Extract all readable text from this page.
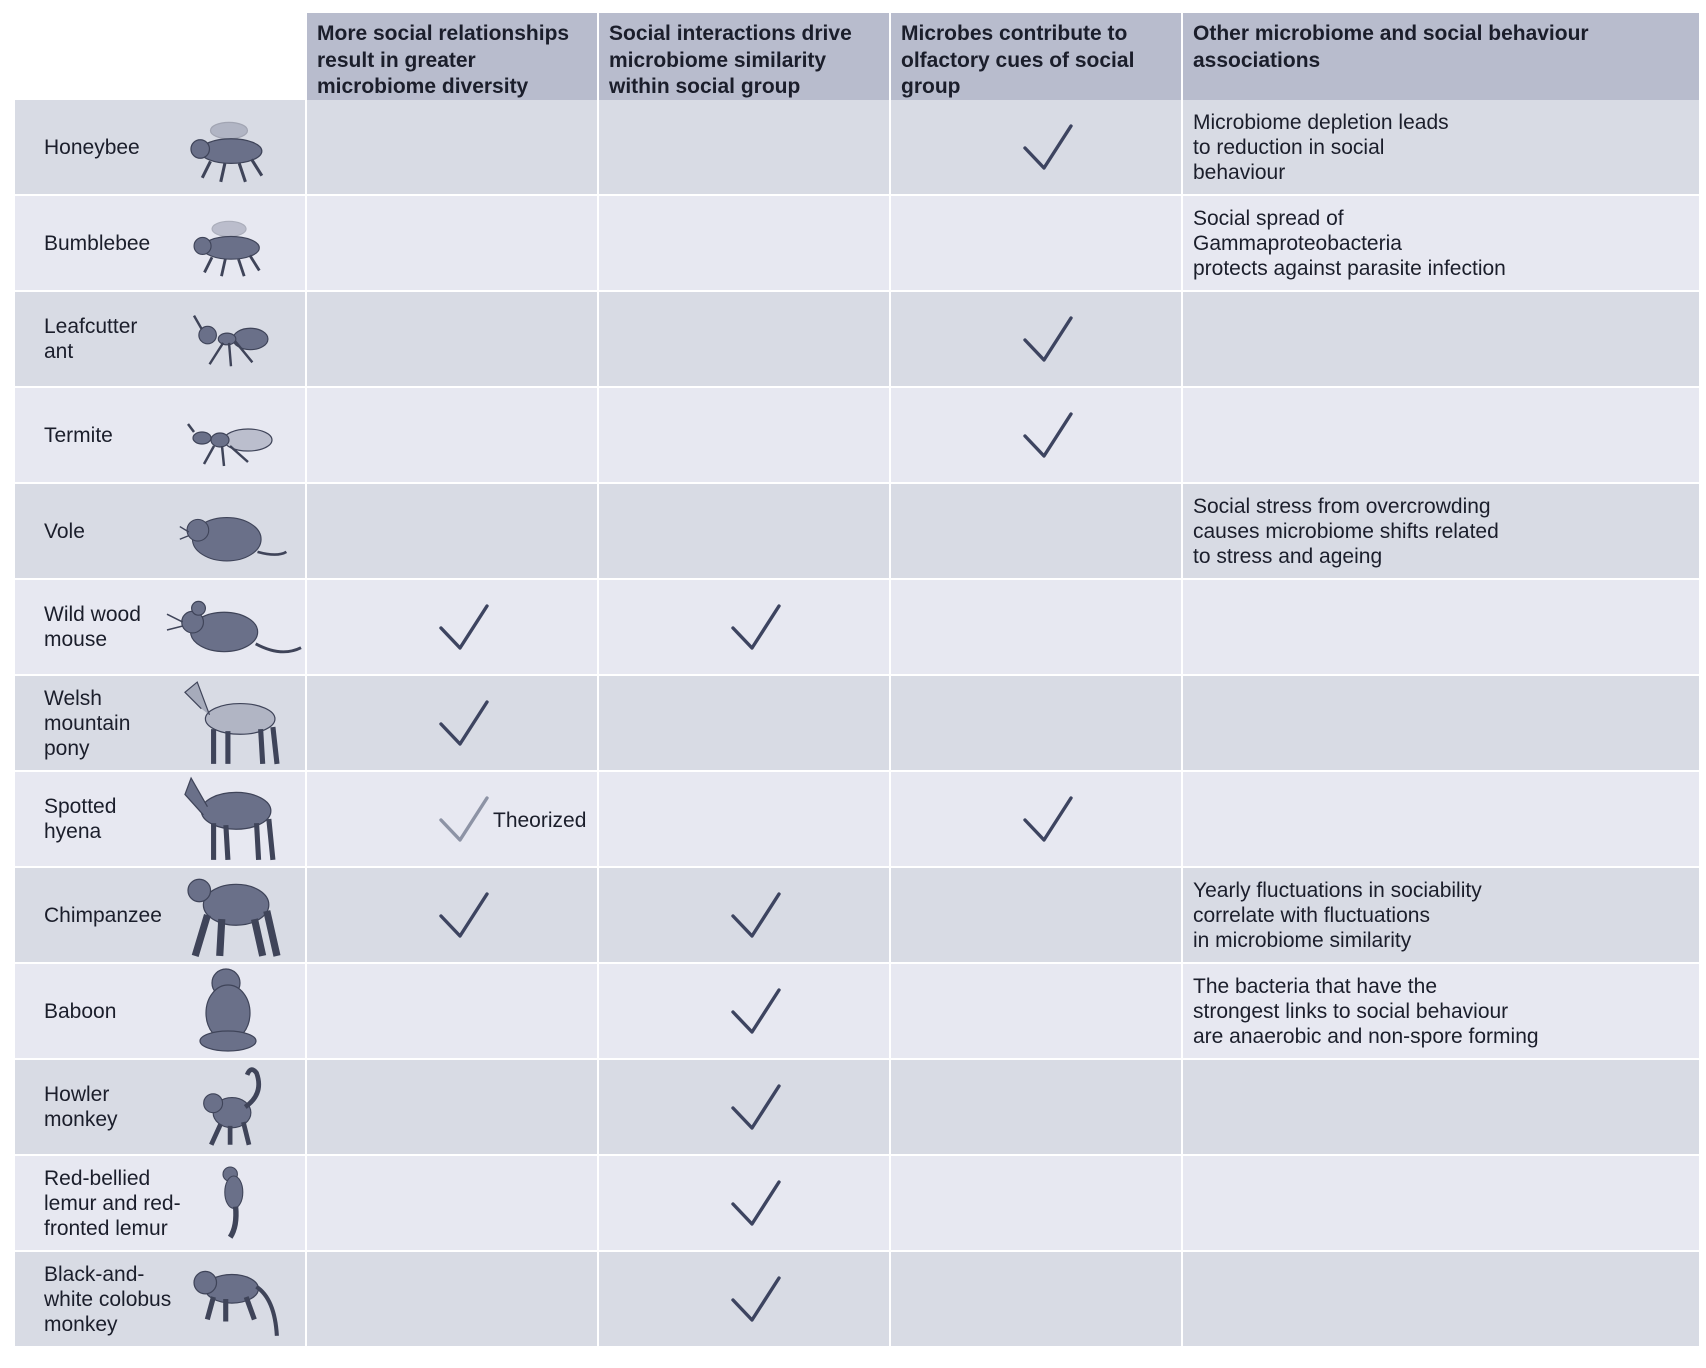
More social relationships result in greater microbiome diversity
Social interactions drive microbiome similarity within social group
Microbes contribute to olfactory cues of social group
Other microbiome and social behaviour associations
Honeybee
Microbiome depletion leads
to reduction in social
behaviour
Bumblebee
Social spread of
Gammaproteobacteria
protects against parasite infection
Leafcutter
ant
Termite
Vole
Social stress from overcrowding
causes microbiome shifts related
to stress and ageing
Wild wood
mouse
Welsh
mountain
pony
Spotted
hyena	Theorized
Chimpanzee
Yearly fluctuations in sociability
correlate with fluctuations
in microbiome similarity
Baboon
The bacteria that have the
strongest links to social behaviour
are anaerobic and non-spore forming
Howler
monkey
Red-bellied
lemur and red-
fronted lemur
Black-and-
white colobus
monkey
